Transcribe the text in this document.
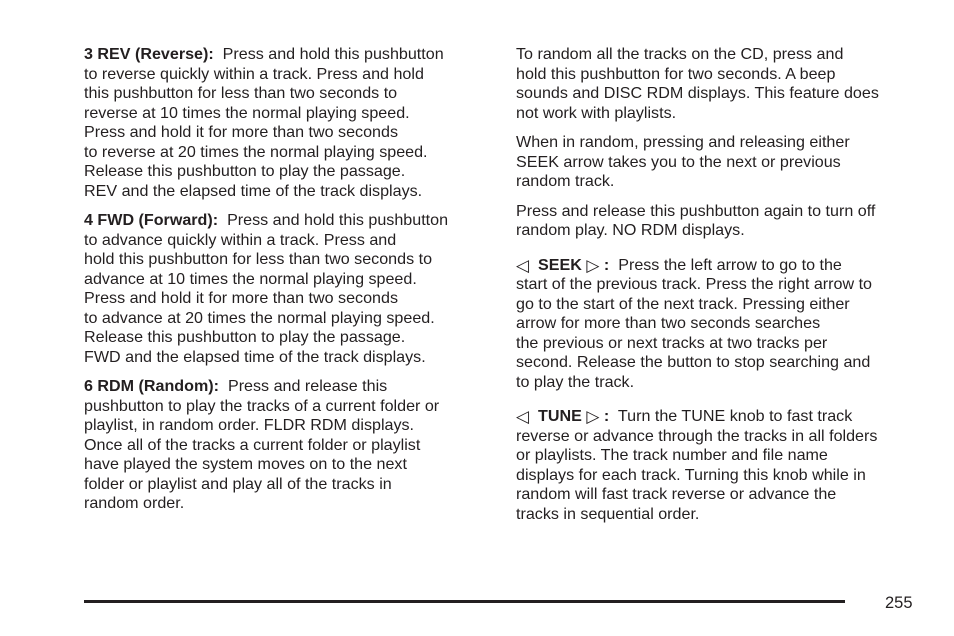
3 REV (Reverse): Press and hold this pushbutton
to reverse quickly within a track. Press and hold
this pushbutton for less than two seconds to
reverse at 10 times the normal playing speed.
Press and hold it for more than two seconds
to reverse at 20 times the normal playing speed.
Release this pushbutton to play the passage.
REV and the elapsed time of the track displays.

4 FWD (Forward): Press and hold this pushbutton
to advance quickly within a track. Press and
hold this pushbutton for less than two seconds to
advance at 10 times the normal playing speed.
Press and hold it for more than two seconds
to advance at 20 times the normal playing speed.
Release this pushbutton to play the passage.
FWD and the elapsed time of the track displays.

6 RDM (Random): Press and release this
pushbutton to play the tracks of a current folder or
playlist, in random order. FLDR RDM displays.
Once all of the tracks a current folder or playlist
have played the system moves on to the next
folder or playlist and play all of the tracks in
random order.

To random all the tracks on the CD, press and
hold this pushbutton for two seconds. A beep
sounds and DISC RDM displays. This feature does
not work with playlists.

When in random, pressing and releasing either
SEEK arrow takes you to the next or previous
random track.

Press and release this pushbutton again to turn off
random play. NO RDM displays.

◁ SEEK ▷ : Press the left arrow to go to the
start of the previous track. Press the right arrow to
go to the start of the next track. Pressing either
arrow for more than two seconds searches
the previous or next tracks at two tracks per
second. Release the button to stop searching and
to play the track.

◁ TUNE ▷ : Turn the TUNE knob to fast track
reverse or advance through the tracks in all folders
or playlists. The track number and file name
displays for each track. Turning this knob while in
random will fast track reverse or advance the
tracks in sequential order.

255
